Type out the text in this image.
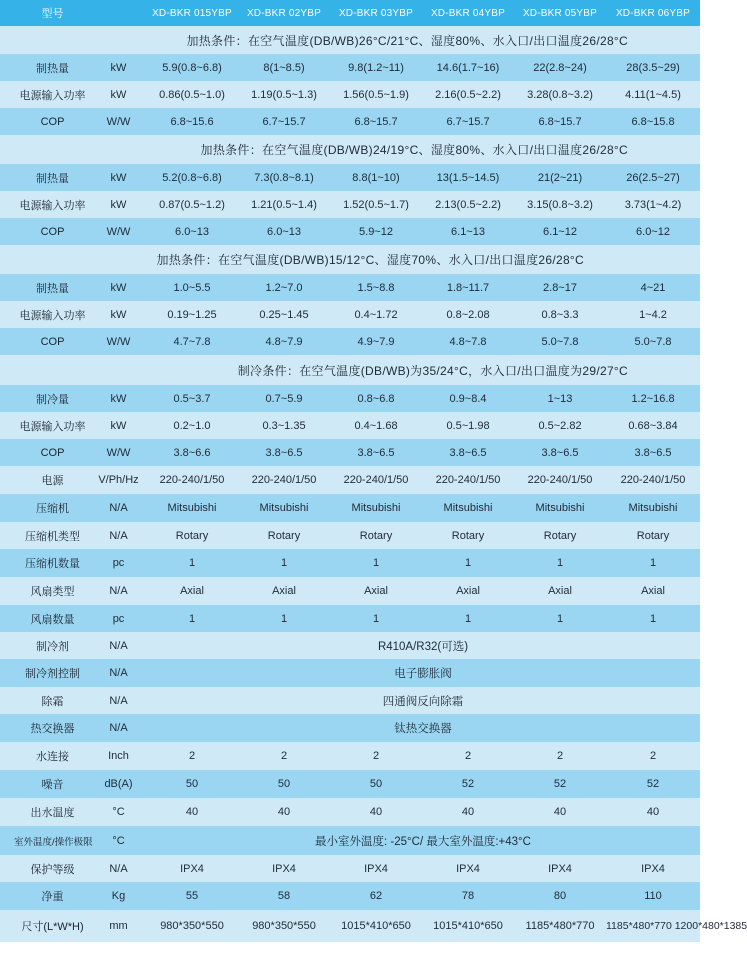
型号		XD-BKR 015YBP	XD-BKR 02YBP	XD-BKR 03YBP	XD-BKR 04YBP	XD-BKR 05YBP	XD-BKR 06YBP
加热条件：在空气温度(DB/WB)26°C/21°C、湿度80%、水入口/出口温度26/28°C							
制热量	kW	5.9(0.8~6.8)	8(1~8.5)	9.8(1.2~11)	14.6(1.7~16)	22(2.8~24)	28(3.5~29)
电源输入功率	kW	0.86(0.5~1.0)	1.19(0.5~1.3)	1.56(0.5~1.9)	2.16(0.5~2.2)	3.28(0.8~3.2)	4.11(1~4.5)
COP	W/W	6.8~15.6	6.7~15.7	6.8~15.7	6.7~15.7	6.8~15.7	6.8~15.8
加热条件：在空气温度(DB/WB)24/19°C、湿度80%、水入口/出口温度26/28°C							
制热量	kW	5.2(0.8~6.8)	7.3(0.8~8.1)	8.8(1~10)	13(1.5~14.5)	21(2~21)	26(2.5~27)
电源输入功率	kW	0.87(0.5~1.2)	1.21(0.5~1.4)	1.52(0.5~1.7)	2.13(0.5~2.2)	3.15(0.8~3.2)	3.73(1~4.2)
COP	W/W	6.0~13	6.0~13	5.9~12	6.1~13	6.1~12	6.0~12
加热条件：在空气温度(DB/WB)15/12°C、湿度70%、水入口/出口温度26/28°C							
制热量	kW	1.0~5.5	1.2~7.0	1.5~8.8	1.8~11.7	2.8~17	4~21
电源输入功率	kW	0.19~1.25	0.25~1.45	0.4~1.72	0.8~2.08	0.8~3.3	1~4.2
COP	W/W	4.7~7.8	4.8~7.9	4.9~7.9	4.8~7.8	5.0~7.8	5.0~7.8
制冷条件：在空气温度(DB/WB)为35/24°C，水入口/出口温度为29/27°C							
制冷量	kW	0.5~3.7	0.7~5.9	0.8~6.8	0.9~8.4	1~13	1.2~16.8
电源输入功率	kW	0.2~1.0	0.3~1.35	0.4~1.68	0.5~1.98	0.5~2.82	0.68~3.84
COP	W/W	3.8~6.6	3.8~6.5	3.8~6.5	3.8~6.5	3.8~6.5	3.8~6.5
电源	V/Ph/Hz	220-240/1/50	220-240/1/50	220-240/1/50	220-240/1/50	220-240/1/50	220-240/1/50
压缩机	N/A	Mitsubishi	Mitsubishi	Mitsubishi	Mitsubishi	Mitsubishi	Mitsubishi
压缩机类型	N/A	Rotary	Rotary	Rotary	Rotary	Rotary	Rotary
压缩机数量	pc	1	1	1	1	1	1
风扇类型	N/A	Axial	Axial	Axial	Axial	Axial	Axial
风扇数量	pc	1	1	1	1	1	1
制冷剂	N/A	R410A/R32(可选)					
制冷剂控制	N/A	电子膨胀阀					
除霜	N/A	四通阀反向除霜					
热交换器	N/A	钛热交换器					
水连接	Inch	2	2	2	2	2	2
噪音	dB(A)	50	50	50	52	52	52
出水温度	°C	40	40	40	40	40	40
室外温度/操作极限	°C	最小室外温度: -25°C/ 最大室外温度:+43°C					
保护等级	N/A	IPX4	IPX4	IPX4	IPX4	IPX4	IPX4
净重	Kg	55	58	62	78	80	110
尺寸(L*W*H)	mm	980*350*550	980*350*550	1015*410*650	1015*410*650	1185*480*770	1185*480*770 1200*480*1385
